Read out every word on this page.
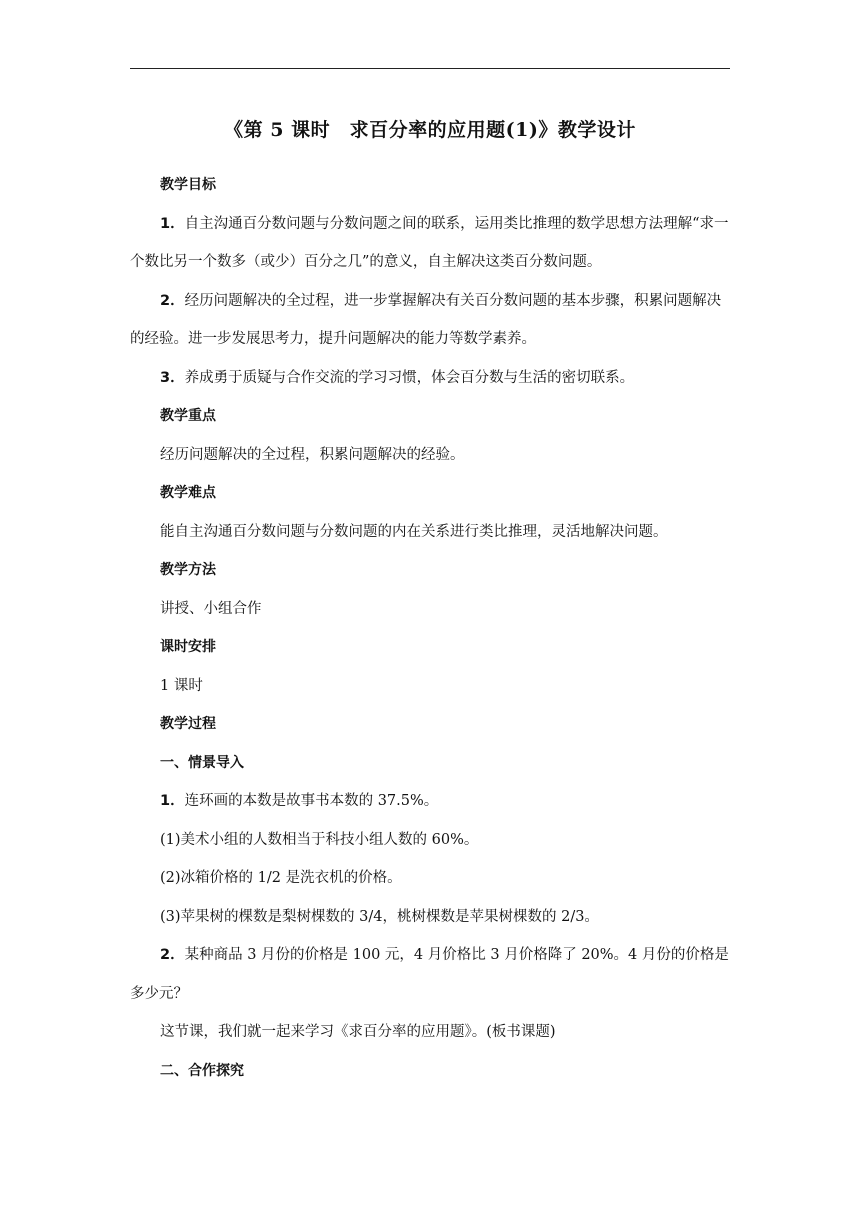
《第 5 课时　求百分率的应用题(1)》教学设计

教学目标

1．自主沟通百分数问题与分数问题之间的联系，运用类比推理的数学思想方法理解“求一个数比另一个数多（或少）百分之几”的意义，自主解决这类百分数问题。

2．经历问题解决的全过程，进一步掌握解决有关百分数问题的基本步骤，积累问题解决的经验。进一步发展思考力，提升问题解决的能力等数学素养。

3．养成勇于质疑与合作交流的学习习惯，体会百分数与生活的密切联系。

教学重点

经历问题解决的全过程，积累问题解决的经验。

教学难点

能自主沟通百分数问题与分数问题的内在关系进行类比推理，灵活地解决问题。

教学方法

讲授、小组合作

课时安排

1 课时

教学过程

一、情景导入

1．连环画的本数是故事书本数的 37.5%。

(1)美术小组的人数相当于科技小组人数的 60%。

(2)冰箱价格的 1/2 是洗衣机的价格。

(3)苹果树的棵数是梨树棵数的 3/4，桃树棵数是苹果树棵数的 2/3。

2．某种商品 3 月份的价格是 100 元，4 月价格比 3 月价格降了 20%。4 月份的价格是多少元？

这节课，我们就一起来学习《求百分率的应用题》。(板书课题)

二、合作探究
